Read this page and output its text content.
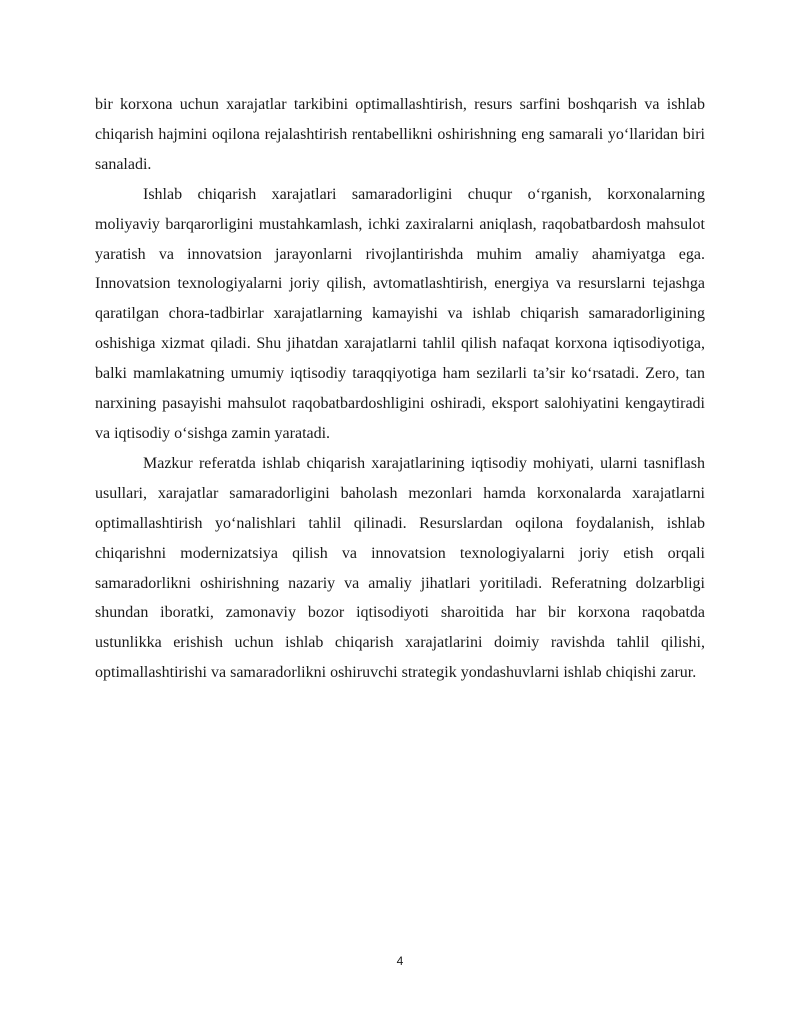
bir korxona uchun xarajatlar tarkibini optimallashtirish, resurs sarfini boshqarish va ishlab chiqarish hajmini oqilona rejalashtirish rentabellikni oshirishning eng samarali yo‘llaridan biri sanaladi.

Ishlab chiqarish xarajatlari samaradorligini chuqur o‘rganish, korxonalarning moliyaviy barqarorligini mustahkamlash, ichki zaxiralarni aniqlash, raqobatbardosh mahsulot yaratish va innovatsion jarayonlarni rivojlantirishda muhim amaliy ahamiyatga ega. Innovatsion texnologiyalarni joriy qilish, avtomatlashtirish, energiya va resurslarni tejashga qaratilgan chora-tadbirlar xarajatlarning kamayishi va ishlab chiqarish samaradorligining oshishiga xizmat qiladi. Shu jihatdan xarajatlarni tahlil qilish nafaqat korxona iqtisodiyotiga, balki mamlakatning umumiy iqtisodiy taraqqiyotiga ham sezilarli ta’sir ko‘rsatadi. Zero, tan narxining pasayishi mahsulot raqobatbardoshligini oshiradi, eksport salohiyatini kengaytiradi va iqtisodiy o‘sishga zamin yaratadi.

Mazkur referatda ishlab chiqarish xarajatlarining iqtisodiy mohiyati, ularni tasniflash usullari, xarajatlar samaradorligini baholash mezonlari hamda korxonalarda xarajatlarni optimallashtirish yo‘nalishlari tahlil qilinadi. Resurslardan oqilona foydalanish, ishlab chiqarishni modernizatsiya qilish va innovatsion texnologiyalarni joriy etish orqali samaradorlikni oshirishning nazariy va amaliy jihatlari yoritiladi. Referatning dolzarbligi shundan iboratki, zamonaviy bozor iqtisodiyoti sharoitida har bir korxona raqobatda ustunlikka erishish uchun ishlab chiqarish xarajatlarini doimiy ravishda tahlil qilishi, optimallashtirishi va samaradorlikni oshiruvchi strategik yondashuvlarni ishlab chiqishi zarur.

4
